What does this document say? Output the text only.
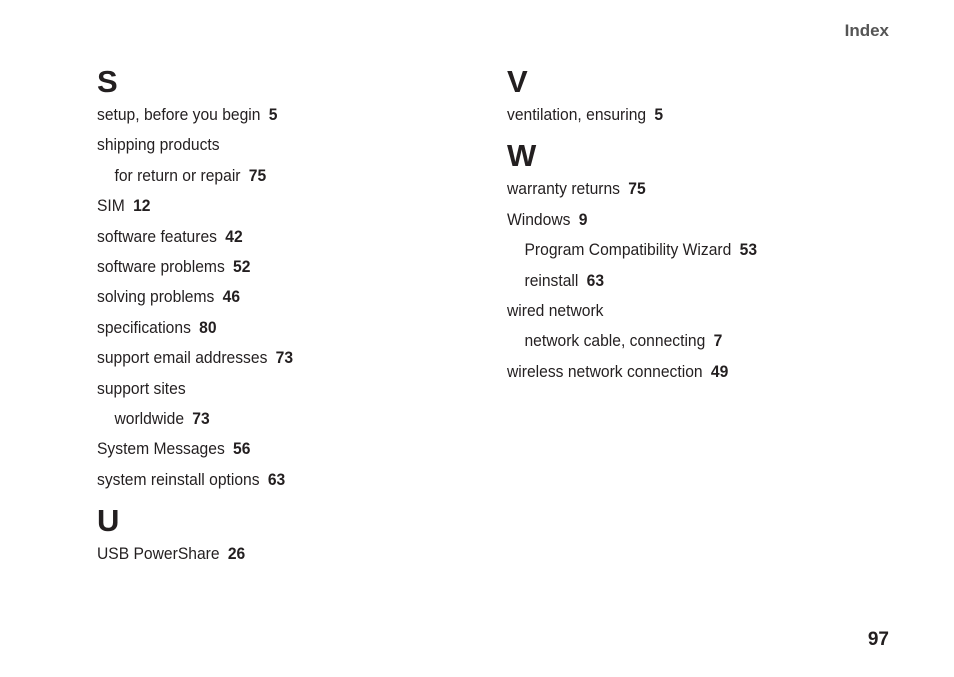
Index
S
setup, before you begin 5
shipping products
for return or repair 75
SIM 12
software features 42
software problems 52
solving problems 46
specifications 80
support email addresses 73
support sites
worldwide 73
System Messages 56
system reinstall options 63
U
USB PowerShare 26
V
ventilation, ensuring 5
W
warranty returns 75
Windows 9
Program Compatibility Wizard 53
reinstall 63
wired network
network cable, connecting 7
wireless network connection 49
97
